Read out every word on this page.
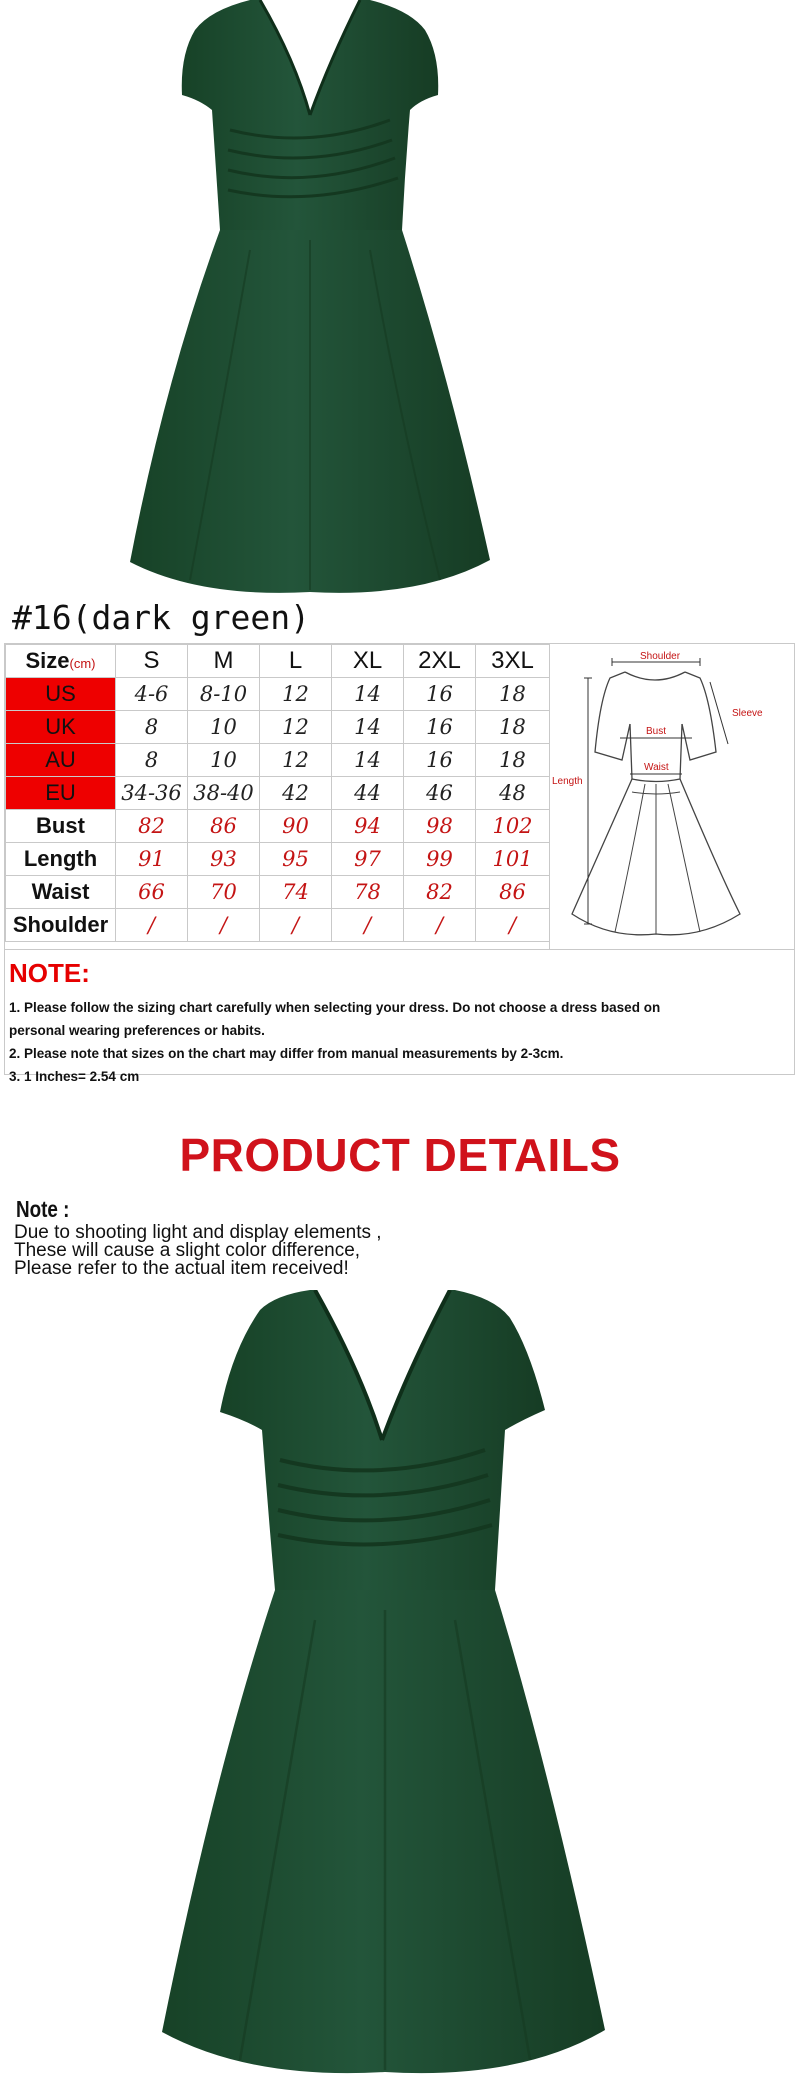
#16(dark green)
Size(cm)	S	M	L	XL	2XL	3XL
US	4-6	8-10	12	14	16	18
UK	8	10	12	14	16	18
AU	8	10	12	14	16	18
EU	34-36	38-40	42	44	46	48
Bust	82	86	90	94	98	102
Length	91	93	95	97	99	101
Waist	66	70	74	78	82	86
Shoulder	/	/	/	/	/	/
Shoulder
Sleeve
Bust
Waist
Length
NOTE:
1. Please follow the sizing chart carefully when selecting your dress. Do not choose a dress based on
personal wearing preferences or habits.
2. Please note that sizes on the chart may differ from manual measurements by 2-3cm.
3. 1 Inches= 2.54 cm
PRODUCT DETAILS
Note :
Due to shooting light and display elements ,
These will cause a slight color difference,
Please refer to the actual item received!
